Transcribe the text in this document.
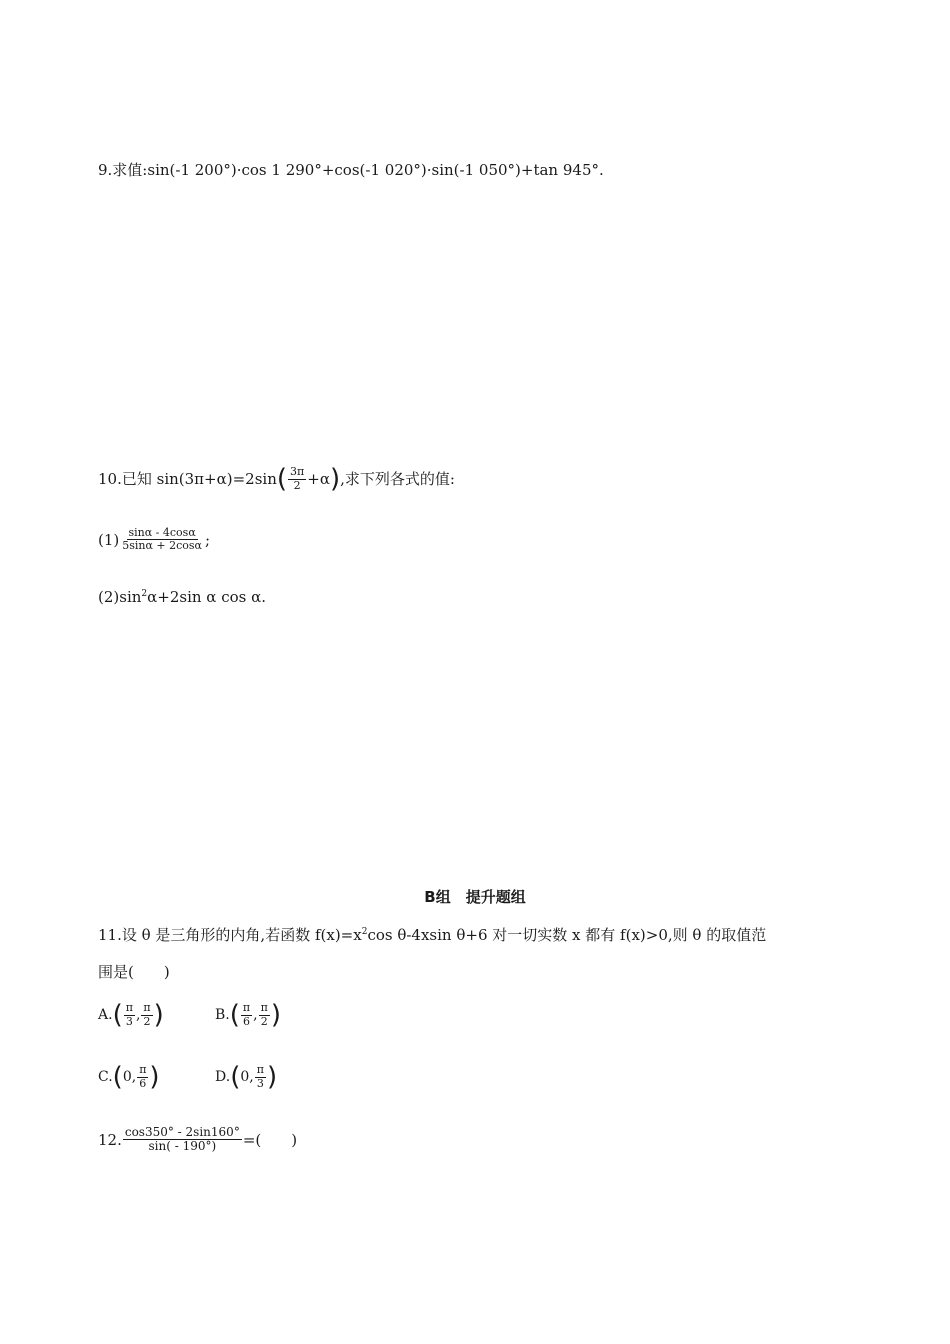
9.求值:sin(-1 200°)·cos 1 290°+cos(-1 020°)·sin(-1 050°)+tan 945°.
10.已知 sin(3π+α)=2sin ( $\frac{3\pi}{2} +\alpha$ ) ,求下列各式的值:
$(1) \frac{\sin\alpha - 4\cos\alpha}{5\sin\alpha + 2\cos\alpha}$ ;
$(2)\sin^2\alpha+2\sin$ α cos α.
B组　提升题组
11.设 θ 是三角形的内角,若函数 $f(x)=x^2\cos$ θ-4xsin θ+6 对一切实数 x 都有 f(x)>0,则 θ 的取值范
围是(　　)
A. ( $\frac{\pi}{3}$ , $\frac{\pi}{2}$ )	B. ( $\frac{\pi}{6}$ , $\frac{\pi}{2}$ )
C. ( 0, $\frac{\pi}{6}$ )	D. ( 0, $\frac{\pi}{3}$ )
12. $\frac{\cos 350^\circ - 2\sin 160^\circ}{\sin( - 190^\circ)}$ =(　　)
